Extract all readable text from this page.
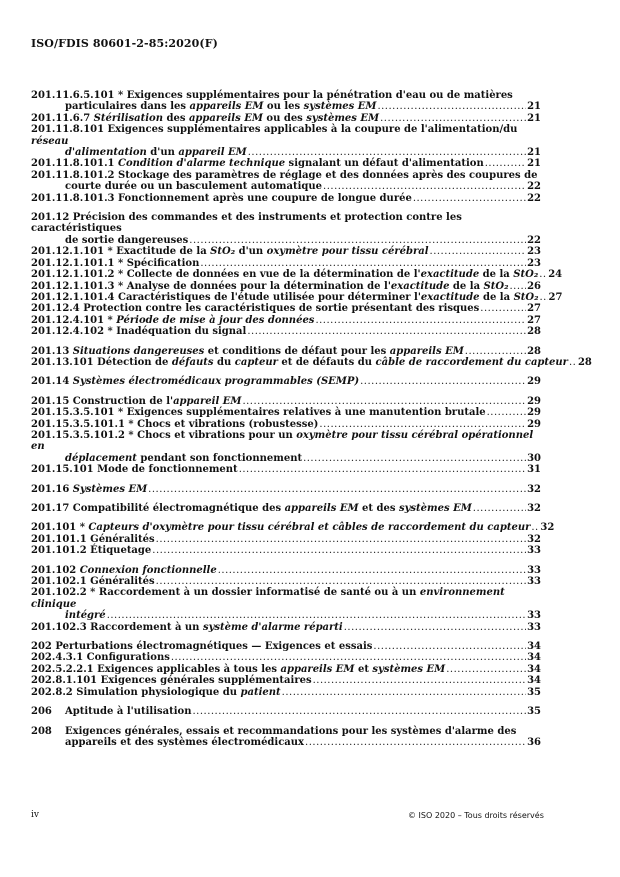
ISO/FDIS 80601-2-85:2020(F)
201.11.6.5.101 * Exigences supplémentaires pour la pénétration d'eau ou de matières
particulaires dans les appareils EM ou les systèmes EM .....	21
201.11.6.7 Stérilisation des appareils EM ou des systèmes EM .....	21
201.11.8.101 Exigences supplémentaires applicables à la coupure de l'alimentation/du réseau
d'alimentation d'un appareil EM .....	21
201.11.8.101.1 Condition d'alarme technique signalant un défaut d'alimentation .....	21
201.11.8.101.2 Stockage des paramètres de réglage et des données après des coupures de
courte durée ou un basculement automatique .....	22
201.11.8.101.3 Fonctionnement après une coupure de longue durée .....	22
201.12 Précision des commandes et des instruments et protection contre les caractéristiques
de sortie dangereuses .....	22
201.12.1.101 * Exactitude de la StO₂ d'un oxymètre pour tissu cérébral .....	23
201.12.1.101.1 * Spécification .....	23
201.12.1.101.2 * Collecte de données en vue de la détermination de l'exactitude de la StO₂ ..... 24
201.12.1.101.3 * Analyse de données pour la détermination de l'exactitude de la StO₂ ..... 26
201.12.1.101.4 Caractéristiques de l'étude utilisée pour déterminer l'exactitude de la StO₂ ..... 27
201.12.4 Protection contre les caractéristiques de sortie présentant des risques .....	27
201.12.4.101 * Période de mise à jour des données .....	27
201.12.4.102 * Inadéquation du signal .....	28
201.13 Situations dangereuses et conditions de défaut pour les appareils EM .....	28
201.13.101 Détection de défauts du capteur et de défauts du câble de raccordement du capteur ..... 28
201.14 Systèmes électromédicaux programmables (SEMP) .....	29
201.15 Construction de l'appareil EM .....	29
201.15.3.5.101 * Exigences supplémentaires relatives à une manutention brutale .....	29
201.15.3.5.101.1 * Chocs et vibrations (robustesse) .....	29
201.15.3.5.101.2 * Chocs et vibrations pour un oxymètre pour tissu cérébral opérationnel en
déplacement pendant son fonctionnement .....	30
201.15.101 Mode de fonctionnement .....	31
201.16 Systèmes EM .....	32
201.17 Compatibilité électromagnétique des appareils EM et des systèmes EM .....	32
201.101 * Capteurs d'oxymètre pour tissu cérébral et câbles de raccordement du capteur ..... 32
201.101.1 Généralités .....	32
201.101.2 Étiquetage .....	33
201.102 Connexion fonctionnelle .....	33
201.102.1 Généralités .....	33
201.102.2 * Raccordement à un dossier informatisé de santé ou à un environnement clinique
intégré .....	33
201.102.3 Raccordement à un système d'alarme réparti .....	33
202 Perturbations électromagnétiques — Exigences et essais .....	34
202.4.3.1 Configurations .....	34
202.5.2.2.1 Exigences applicables à tous les appareils EM et systèmes EM .....	34
202.8.1.101 Exigences générales supplémentaires .....	34
202.8.2 Simulation physiologique du patient .....	35
206 Aptitude à l'utilisation .....	35
208 Exigences générales, essais et recommandations pour les systèmes d'alarme des
appareils et des systèmes électromédicaux .....	36
iv	© ISO 2020 – Tous droits réservés
